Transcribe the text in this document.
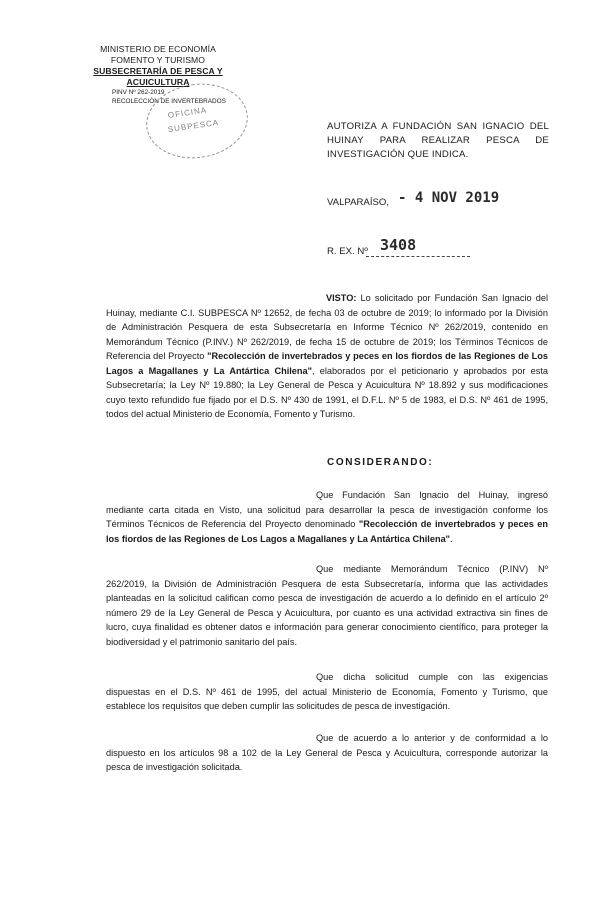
MINISTERIO DE ECONOMÍA
FOMENTO Y TURISMO
SUBSECRETARÍA DE PESCA Y ACUICULTURA
PINV Nº 262-2019
RECOLECCIÓN DE INVERTEBRADOS
OFICINA
SUBPESCA	AUTORIZA A FUNDACIÓN SAN IGNACIO DEL HUINAY PARA REALIZAR PESCA DE INVESTIGACIÓN QUE INDICA.
VALPARAÍSO, - 4 NOV 2019
R. EX. Nº 3408
VISTO: Lo solicitado por Fundación San Ignacio del Huinay, mediante C.I. SUBPESCA Nº 12652, de fecha 03 de octubre de 2019; lo informado por la División de Administración Pesquera de esta Subsecretaría en Informe Técnico Nº 262/2019, contenido en Memorándum Técnico (P.INV.) Nº 262/2019, de fecha 15 de octubre de 2019; los Términos Técnicos de Referencia del Proyecto "Recolección de invertebrados y peces en los fiordos de las Regiones de Los Lagos a Magallanes y La Antártica Chilena", elaborados por el peticionario y aprobados por esta Subsecretaría; la Ley Nº 19.880; la Ley General de Pesca y Acuicultura Nº 18.892 y sus modificaciones cuyo texto refundido fue fijado por el D.S. Nº 430 de 1991, el D.F.L. Nº 5 de 1983, el D.S. Nº 461 de 1995, todos del actual Ministerio de Economía, Fomento y Turismo.
CONSIDERANDO:
Que Fundación San Ignacio del Huinay, ingresó mediante carta citada en Visto, una solicitud para desarrollar la pesca de investigación conforme los Términos Técnicos de Referencia del Proyecto denominado "Recolección de invertebrados y peces en los fiordos de las Regiones de Los Lagos a Magallanes y La Antártica Chilena".
Que mediante Memorándum Técnico (P.INV) Nº 262/2019, la División de Administración Pesquera de esta Subsecretaría, informa que las actividades planteadas en la solicitud califican como pesca de investigación de acuerdo a lo definido en el artículo 2º número 29 de la Ley General de Pesca y Acuicultura, por cuanto es una actividad extractiva sin fines de lucro, cuya finalidad es obtener datos e información para generar conocimiento científico, para proteger la biodiversidad y el patrimonio sanitario del país.
Que dicha solicitud cumple con las exigencias dispuestas en el D.S. Nº 461 de 1995, del actual Ministerio de Economía, Fomento y Turismo, que establece los requisitos que deben cumplir las solicitudes de pesca de investigación.
Que de acuerdo a lo anterior y de conformidad a lo dispuesto en los artículos 98 a 102 de la Ley General de Pesca y Acuicultura, corresponde autorizar la pesca de investigación solicitada.
